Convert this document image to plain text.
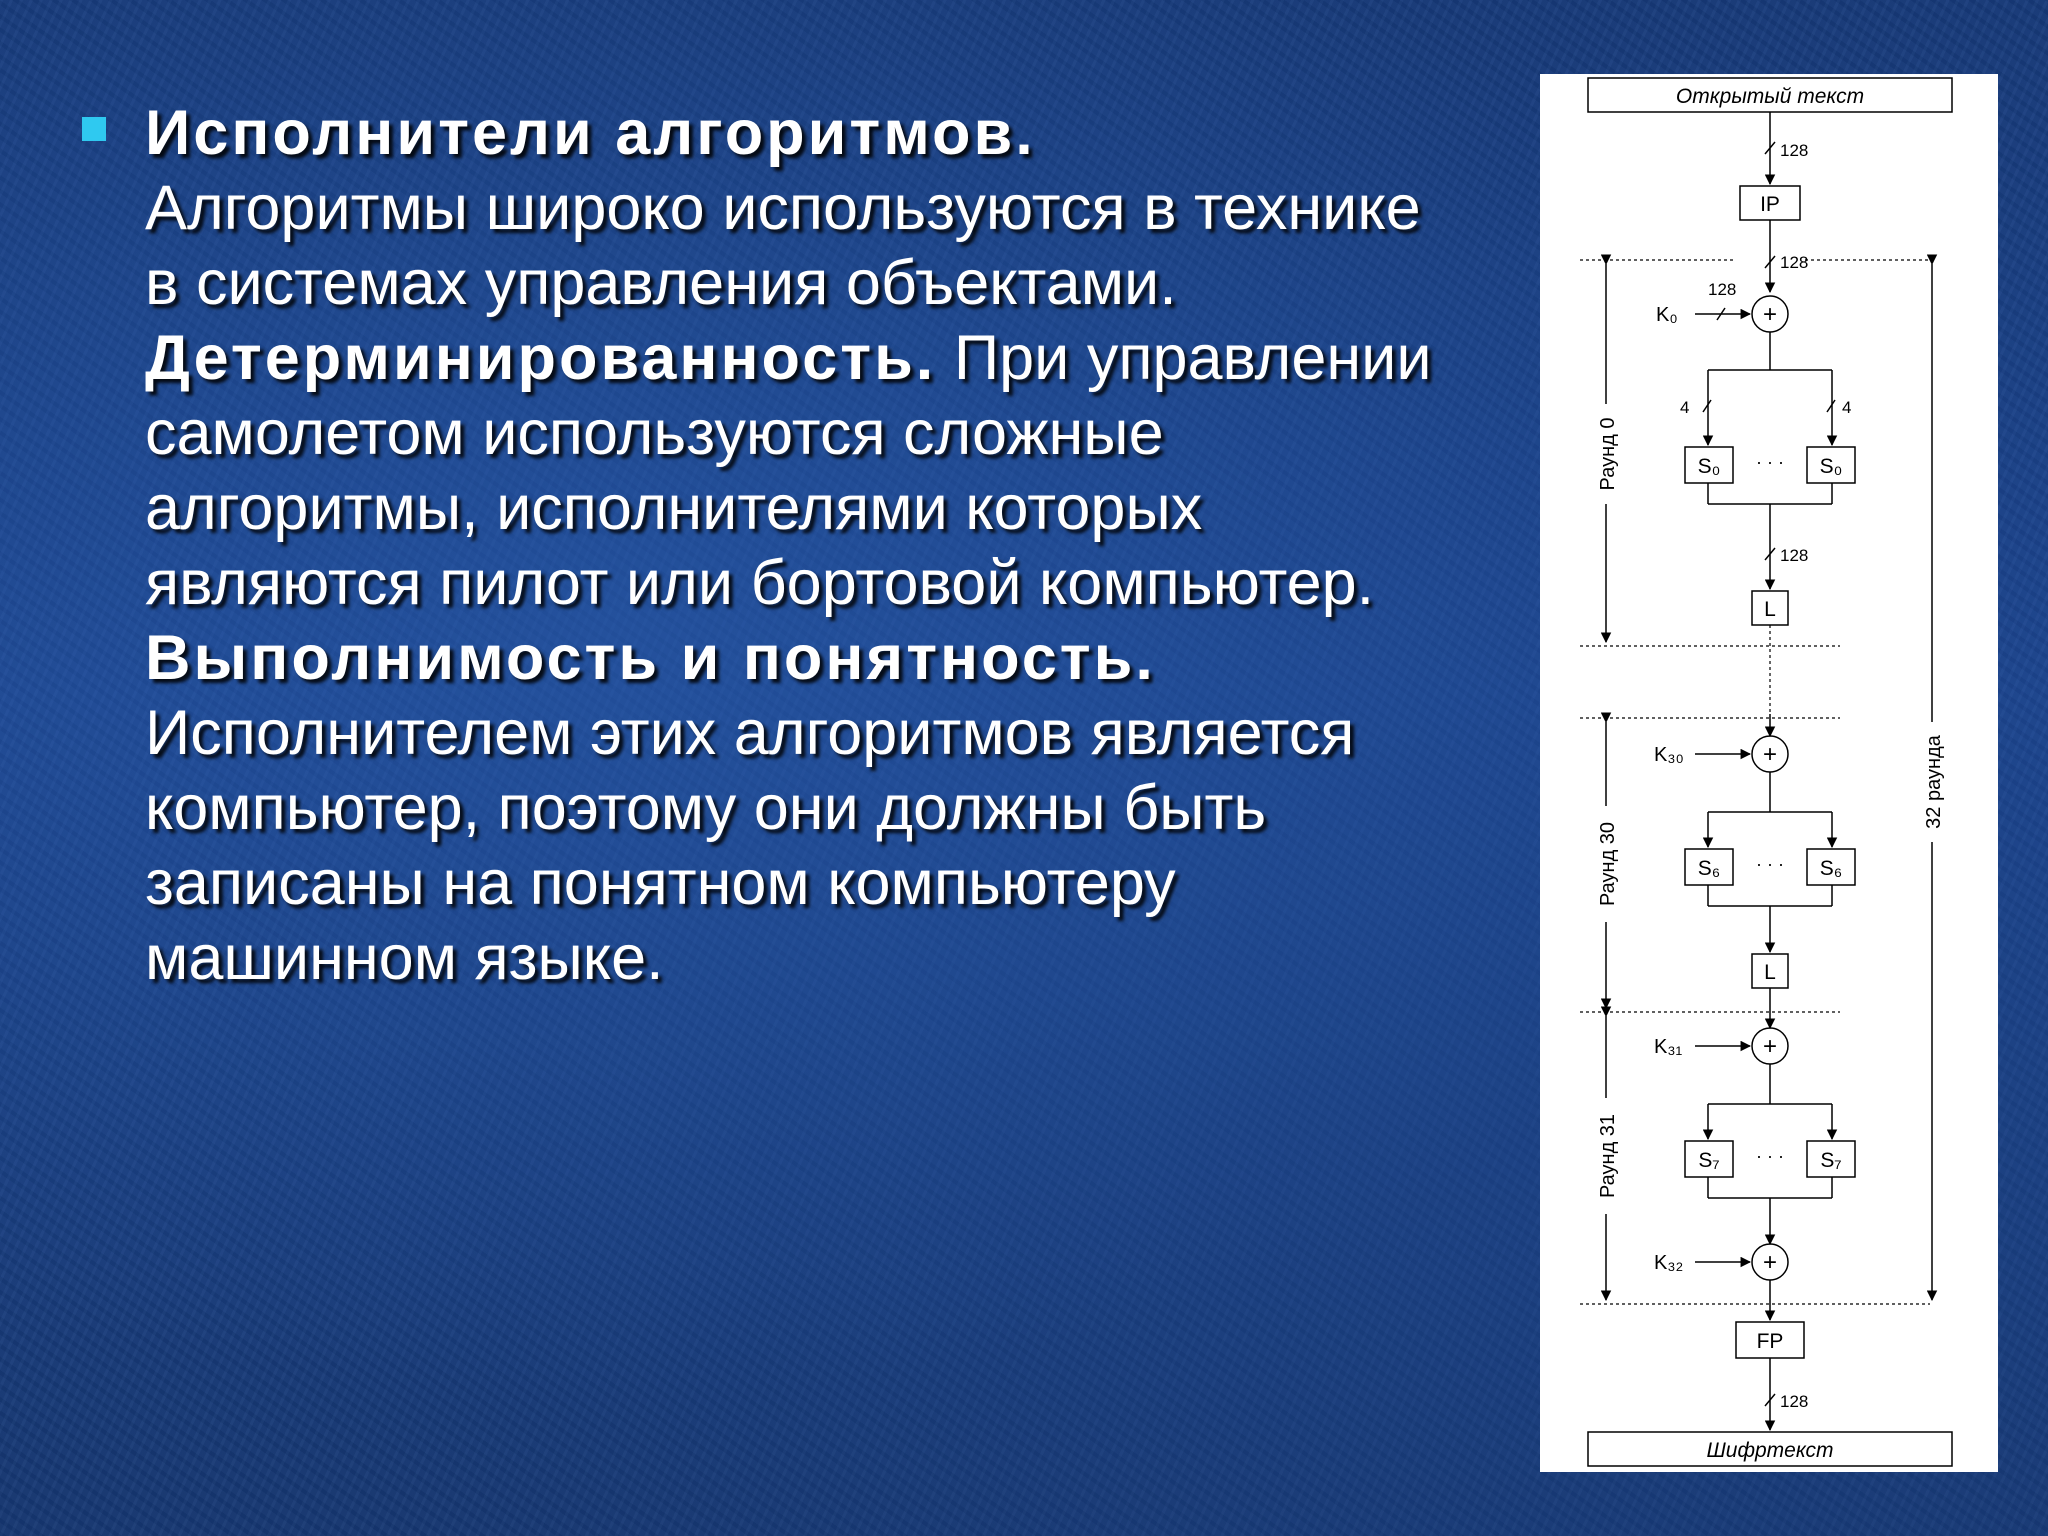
Исполнители алгоритмов.
Алгоритмы широко используются в технике в системах управления объектами.

Детерминированность. При управлении самолетом используются сложные алгоритмы, исполнителями которых являются пилот или бортовой компьютер.

Выполнимость и понятность.
Исполнителем этих алгоритмов является компьютер, поэтому они должны быть записаны на понятном компьютеру машинном языке.

+
+
+
+
Открытый текст
IP
L
L
FP
Шифртекст
S₀	S₀
S₆	S₆
S₇	S₇
· · ·
· · ·
· · ·
128
128
128
4	4
128
128
K₀
K₃₀
K₃₁
K₃₂
Раунд 0
Раунд 30
Раунд 31
32 раунда
